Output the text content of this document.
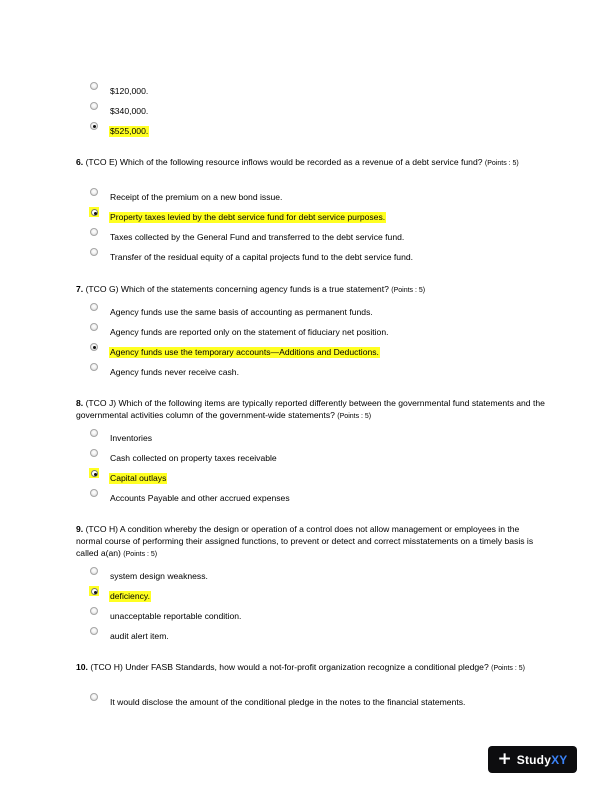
$120,000.
$340,000.
$525,000.

6. (TCO E) Which of the following resource inflows would be recorded as a revenue of a debt service fund? (Points : 5)

Receipt of the premium on a new bond issue.
Property taxes levied by the debt service fund for debt service purposes.
Taxes collected by the General Fund and transferred to the debt service fund.
Transfer of the residual equity of a capital projects fund to the debt service fund.

7. (TCO G) Which of the statements concerning agency funds is a true statement? (Points : 5)

Agency funds use the same basis of accounting as permanent funds.
Agency funds are reported only on the statement of fiduciary net position.
Agency funds use the temporary accounts—Additions and Deductions.
Agency funds never receive cash.

8. (TCO J) Which of the following items are typically reported differently between the governmental fund statements and the governmental activities column of the government-wide statements? (Points : 5)

Inventories
Cash collected on property taxes receivable
Capital outlays
Accounts Payable and other accrued expenses

9. (TCO H) A condition whereby the design or operation of a control does not allow management or employees in the normal course of performing their assigned functions, to prevent or detect and correct misstatements on a timely basis is called a(an) (Points : 5)

system design weakness.
deficiency.
unacceptable reportable condition.
audit alert item.

10. (TCO H) Under FASB Standards, how would a not-for-profit organization recognize a conditional pledge? (Points : 5)

It would disclose the amount of the conditional pledge in the notes to the financial statements.
+ StudyXY
